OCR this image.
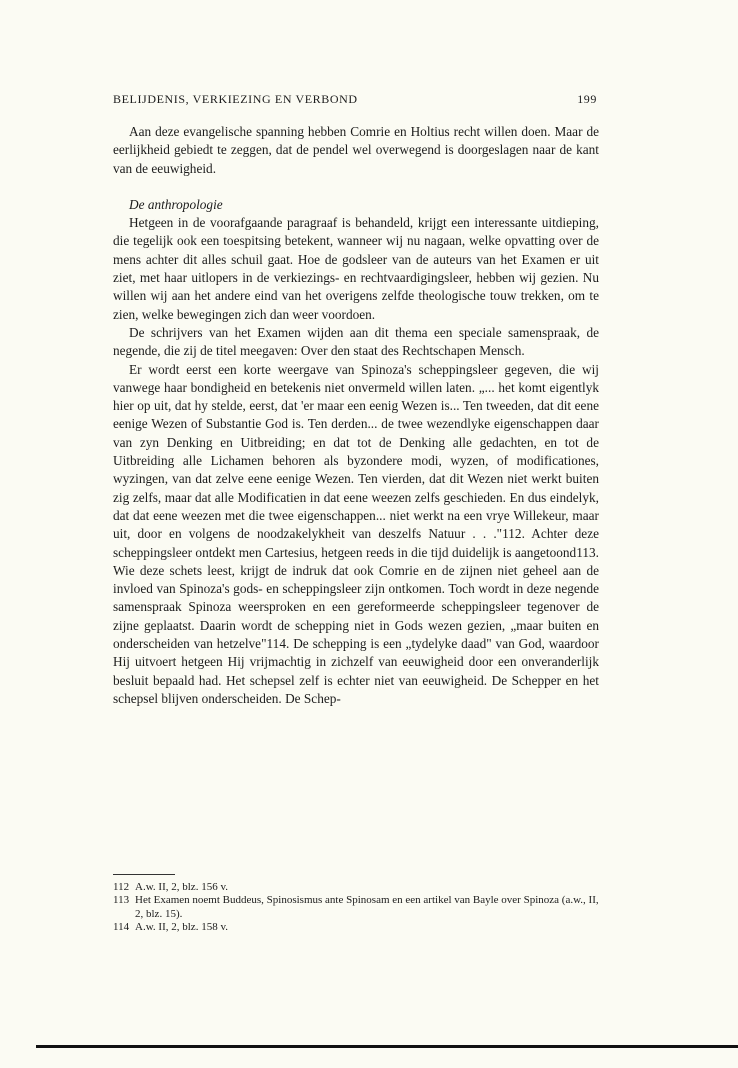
BELIJDENIS, VERKIEZING EN VERBOND	199

Aan deze evangelische spanning hebben Comrie en Holtius recht willen doen. Maar de eerlijkheid gebiedt te zeggen, dat de pendel wel overwegend is doorgeslagen naar de kant van de eeuwigheid.

De anthropologie

Hetgeen in de voorafgaande paragraaf is behandeld, krijgt een interessante uitdieping, die tegelijk ook een toespitsing betekent, wanneer wij nu nagaan, welke opvatting over de mens achter dit alles schuil gaat. Hoe de godsleer van de auteurs van het Examen er uit ziet, met haar uitlopers in de verkiezings- en rechtvaardigingsleer, hebben wij gezien. Nu willen wij aan het andere eind van het overigens zelfde theologische touw trekken, om te zien, welke bewegingen zich dan weer voordoen.

De schrijvers van het Examen wijden aan dit thema een speciale samenspraak, de negende, die zij de titel meegaven: Over den staat des Rechtschapen Mensch.

Er wordt eerst een korte weergave van Spinoza's scheppingsleer gegeven, die wij vanwege haar bondigheid en betekenis niet onvermeld willen laten. „... het komt eigentlyk hier op uit, dat hy stelde, eerst, dat 'er maar een eenig Wezen is... Ten tweeden, dat dit eene eenige Wezen of Substantie God is. Ten derden... de twee wezendlyke eigenschappen daar van zyn Denking en Uitbreiding; en dat tot de Denking alle gedachten, en tot de Uitbreiding alle Lichamen behoren als byzondere modi, wyzen, of modificationes, wyzingen, van dat zelve eene eenige Wezen. Ten vierden, dat dit Wezen niet werkt buiten zig zelfs, maar dat alle Modificatien in dat eene weezen zelfs geschieden. En dus eindelyk, dat dat eene weezen met die twee eigenschappen... niet werkt na een vrye Willekeur, maar uit, door en volgens de noodzakelykheit van deszelfs Natuur . . ."112. Achter deze scheppingsleer ontdekt men Cartesius, hetgeen reeds in die tijd duidelijk is aangetoond113. Wie deze schets leest, krijgt de indruk dat ook Comrie en de zijnen niet geheel aan de invloed van Spinoza's gods- en scheppingsleer zijn ontkomen. Toch wordt in deze negende samenspraak Spinoza weersproken en een gereformeerde scheppingsleer tegenover de zijne geplaatst. Daarin wordt de schepping niet in Gods wezen gezien, „maar buiten en onderscheiden van hetzelve"114. De schepping is een „tydelyke daad" van God, waardoor Hij uitvoert hetgeen Hij vrijmachtig in zichzelf van eeuwigheid door een onveranderlijk besluit bepaald had. Het schepsel zelf is echter niet van eeuwigheid. De Schepper en het schepsel blijven onderscheiden. De Schep-

112 A.w. II, 2, blz. 156 v.
113 Het Examen noemt Buddeus, Spinosismus ante Spinosam en een artikel van Bayle over Spinoza (a.w., II, 2, blz. 15).
114 A.w. II, 2, blz. 158 v.
